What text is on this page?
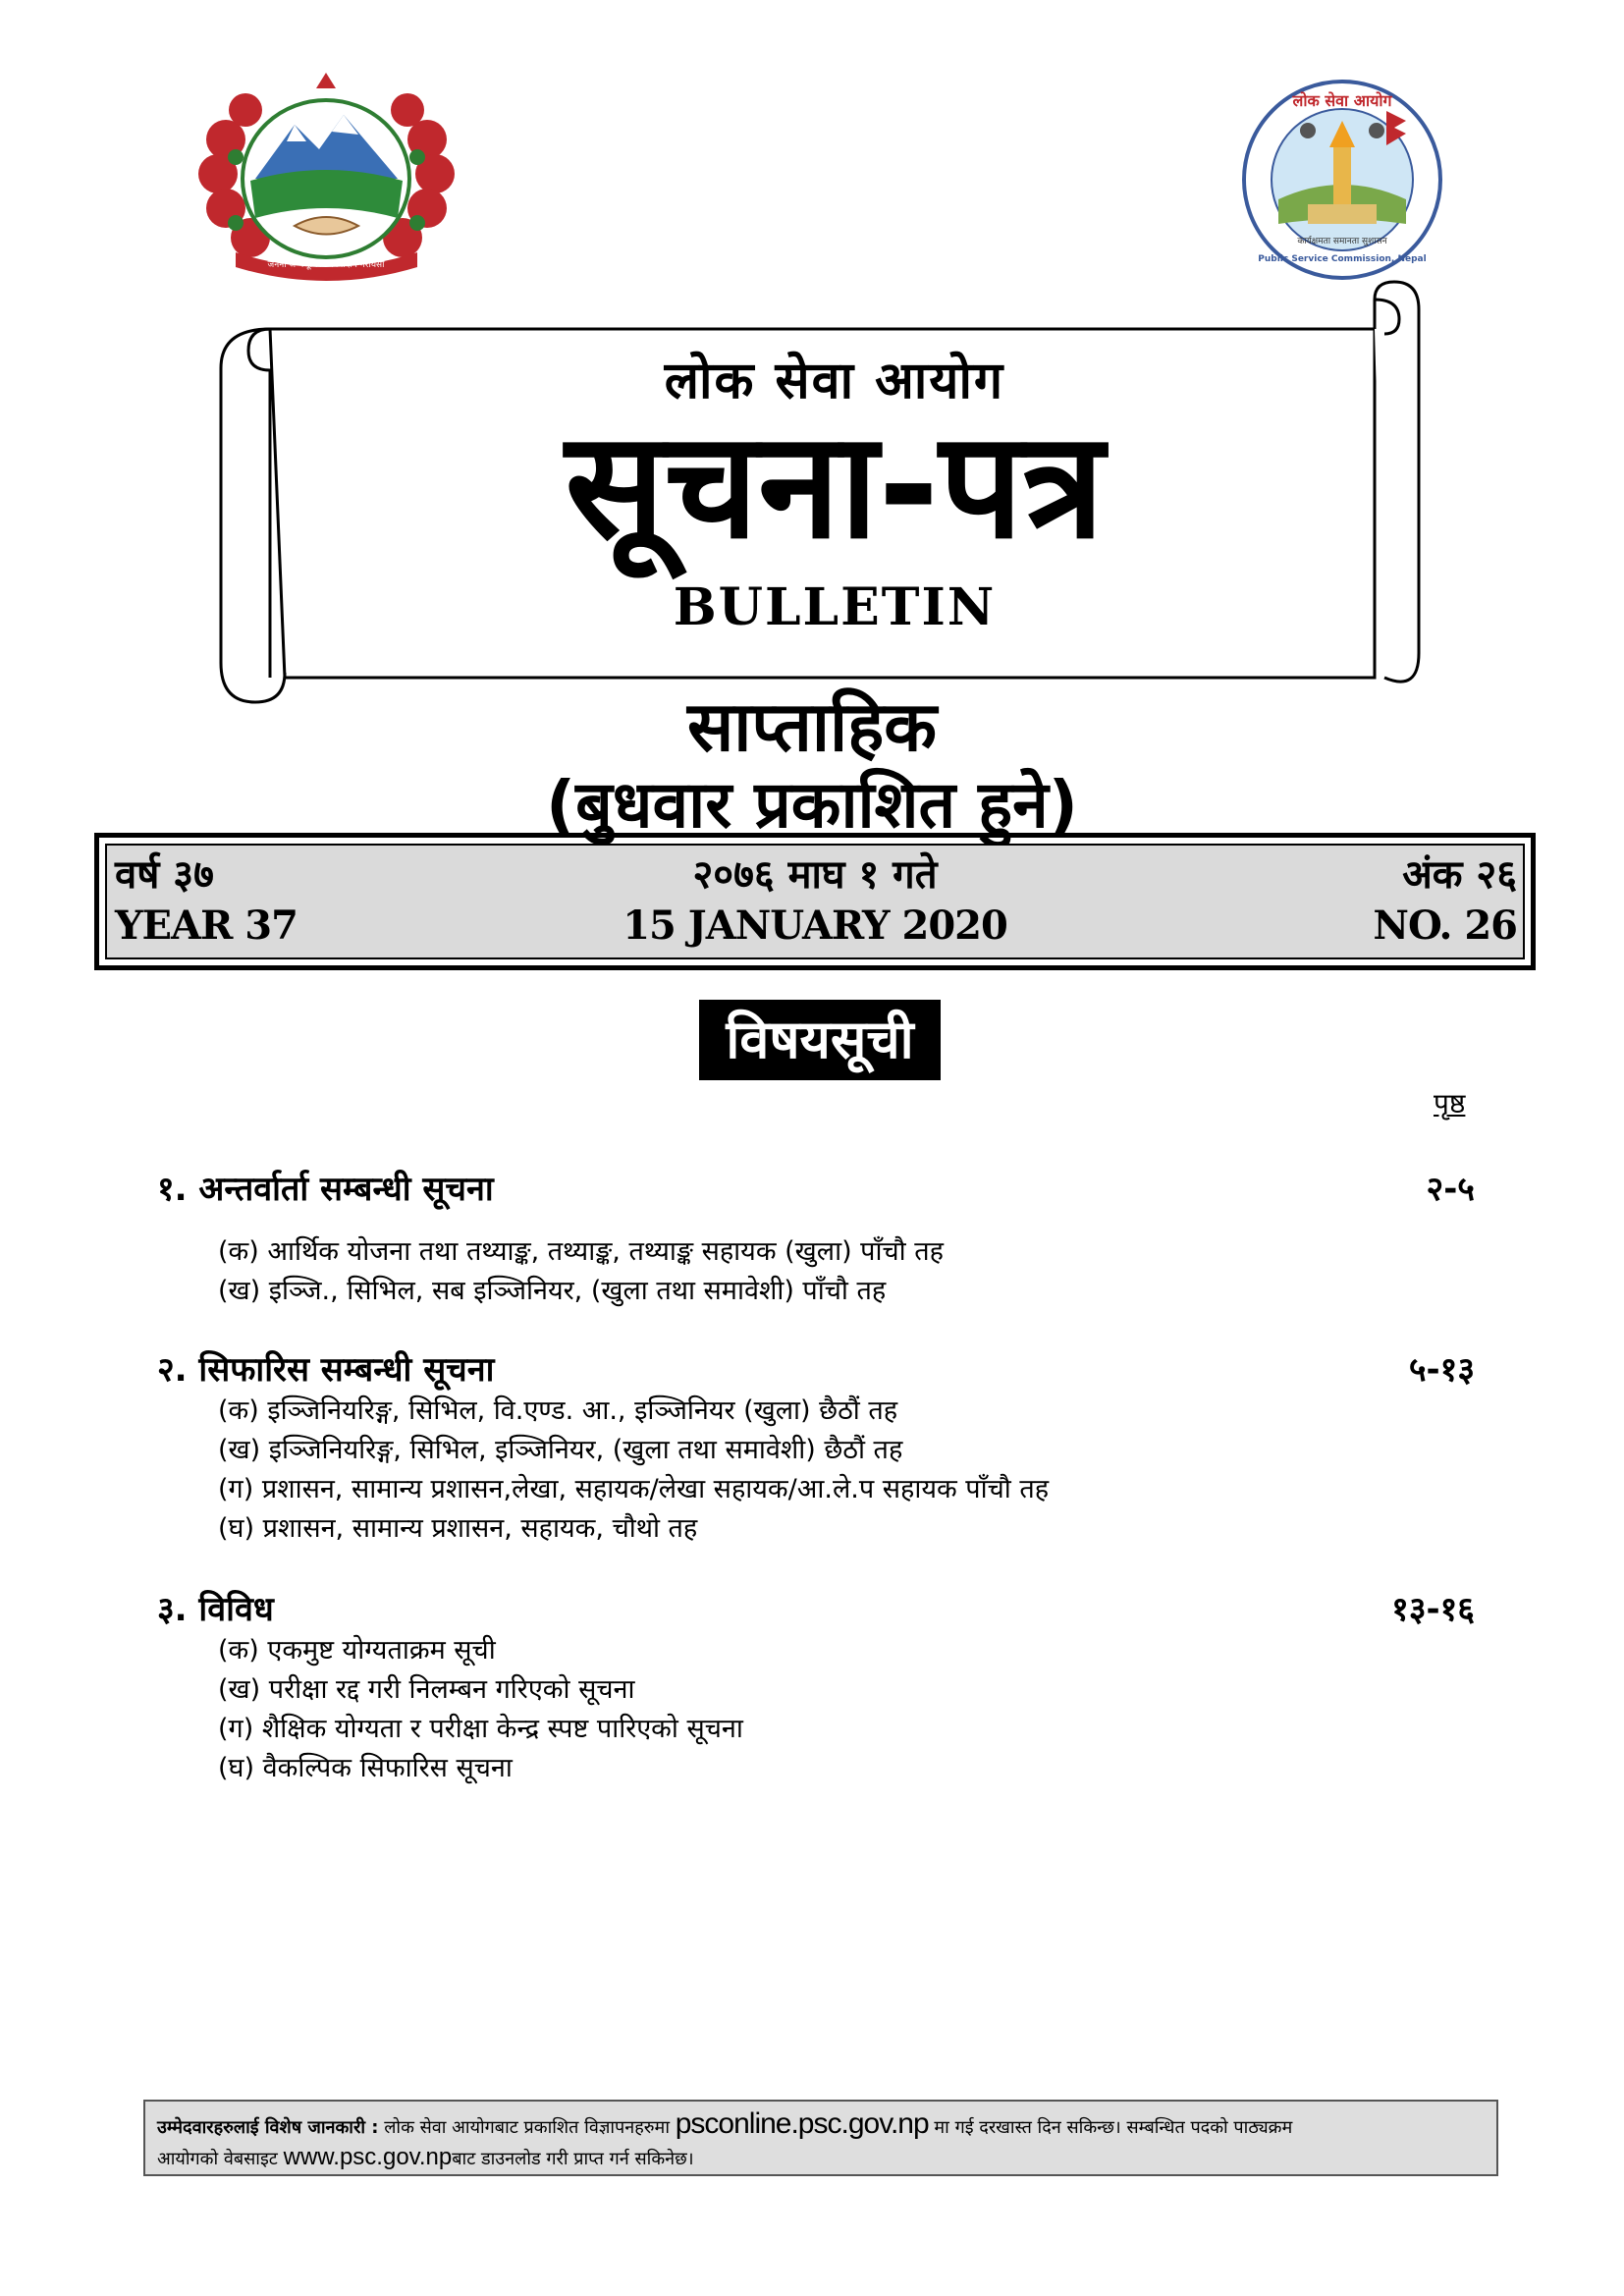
जननी जन्मभूमिश्च स्वर्गादपि गरीयसी
लोक सेवा आयोग
Public Service Commission, Nepal
कार्यक्षमता समानता सुशासन
लोक सेवा आयोग
सूचना-पत्र
BULLETIN
साप्ताहिक
(बुधवार प्रकाशित हुने)
वर्ष ३७	२०७६ माघ १ गते	अंक २६
YEAR 37	15 JANUARY 2020	NO. 26
विषयसूची
पृष्ठ
१. अन्तर्वार्ता सम्बन्धी सूचना	२-५
(क) आर्थिक योजना तथा तथ्याङ्क, तथ्याङ्क, तथ्याङ्क सहायक (खुला) पाँचौ तह
(ख) इञ्जि., सिभिल, सब इञ्जिनियर, (खुला तथा समावेशी) पाँचौ तह
२. सिफारिस सम्बन्धी सूचना	५-१३
(क) इञ्जिनियरिङ्ग, सिभिल, वि.एण्ड. आ., इञ्जिनियर (खुला) छैठौं तह
(ख) इञ्जिनियरिङ्ग, सिभिल, इञ्जिनियर, (खुला तथा समावेशी) छैठौं तह
(ग) प्रशासन, सामान्य प्रशासन,लेखा, सहायक/लेखा सहायक/आ.ले.प सहायक पाँचौ तह
(घ) प्रशासन, सामान्य प्रशासन, सहायक, चौथो तह
३. विविध	१३-१६
(क) एकमुष्ट योग्यताक्रम सूची
(ख) परीक्षा रद्द गरी निलम्बन गरिएको सूचना
(ग) शैक्षिक योग्यता र परीक्षा केन्द्र स्पष्ट पारिएको सूचना
(घ) वैकल्पिक सिफारिस सूचना
उम्मेदवारहरुलाई विशेष जानकारी : लोक सेवा आयोगबाट प्रकाशित विज्ञापनहरुमा psconline.psc.gov.np मा गई दरखास्त दिन सकिन्छ। सम्बन्धित पदको पाठ्यक्रम
आयोगको वेबसाइट www.psc.gov.npबाट डाउनलोड गरी प्राप्त गर्न सकिनेछ।
